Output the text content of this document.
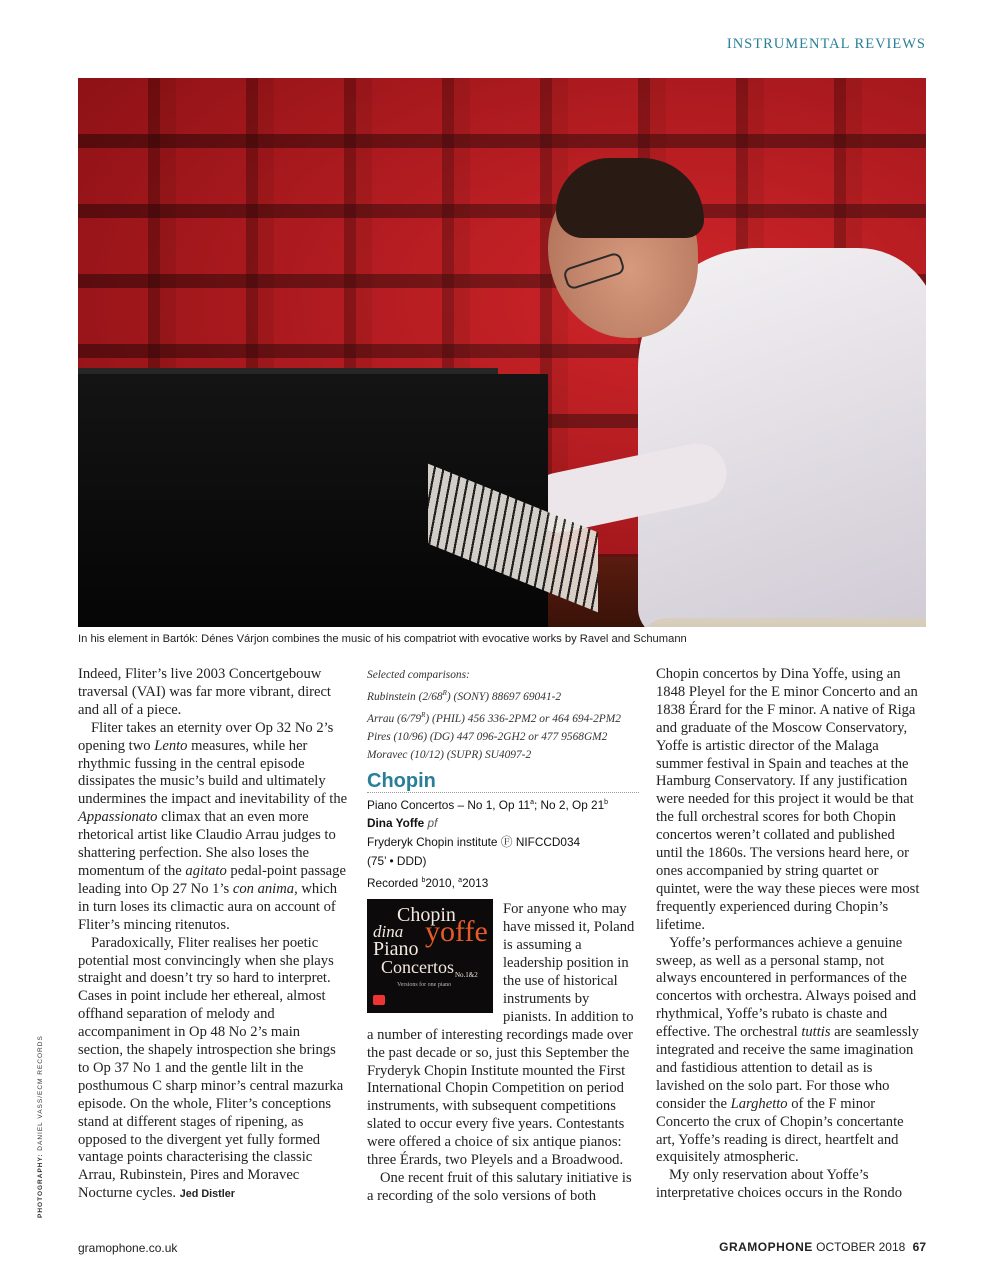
INSTRUMENTAL REVIEWS
In his element in Bartók: Dénes Várjon combines the music of his compatriot with evocative works by Ravel and Schumann

Indeed, Fliter’s live 2003 Concertgebouw traversal (VAI) was far more vibrant, direct and all of a piece.

Fliter takes an eternity over Op 32 No 2’s opening two Lento measures, while her rhythmic fussing in the central episode dissipates the music’s build and ultimately undermines the impact and inevitability of the Appassionato climax that an even more rhetorical artist like Claudio Arrau judges to shattering perfection. She also loses the momentum of the agitato pedal-point passage leading into Op 27 No 1’s con anima, which in turn loses its climactic aura on account of Fliter’s mincing ritenutos.

Paradoxically, Fliter realises her poetic potential most convincingly when she plays straight and doesn’t try so hard to interpret. Cases in point include her ethereal, almost offhand separation of melody and accompaniment in Op 48 No 2’s main section, the shapely introspection she brings to Op 37 No 1 and the gentle lilt in the posthumous C sharp minor’s central mazurka episode. On the whole, Fliter’s conceptions stand at different stages of ripening, as opposed to the divergent yet fully formed vantage points characterising the classic Arrau, Rubinstein, Pires and Moravec Nocturne cycles. Jed Distler

Selected comparisons:
Rubinstein $(2/68^R)$ (SONY) 88697 69041-2
Arrau $(6/79^R)$ (PHIL) 456 336-2PM2 or 464 694-2PM2
Pires (10/96) (DG) 447 096-2GH2 or 477 9568GM2
Moravec (10/12) (SUPR) SU4097-2
Chopin
Piano Concertos – No 1, Op 11$^a$; No 2, Op 21$^b$
Dina Yoffe pf
Fryderyk Chopin institute Ⓕ NIFCCD034
(75’ • DDD)
Recorded $^b$2010, $^a$2013
Chopin
dina yoffe
Piano
Concertos No.1&2
Versions for one piano

For anyone who may have missed it, Poland is assuming a leadership position in the use of historical instruments by pianists. In addition to a number of interesting recordings made over the past decade or so, just this September the Fryderyk Chopin Institute mounted the First International Chopin Competition on period instruments, with subsequent competitions slated to occur every five years. Contestants were offered a choice of six antique pianos: three Érards, two Pleyels and a Broadwood.

One recent fruit of this salutary initiative is a recording of the solo versions of both

Chopin concertos by Dina Yoffe, using an 1848 Pleyel for the E minor Concerto and an 1838 Érard for the F minor. A native of Riga and graduate of the Moscow Conservatory, Yoffe is artistic director of the Malaga summer festival in Spain and teaches at the Hamburg Conservatory. If any justification were needed for this project it would be that the full orchestral scores for both Chopin concertos weren’t collated and published until the 1860s. The versions heard here, or ones accompanied by string quartet or quintet, were the way these pieces were most frequently experienced during Chopin’s lifetime.

Yoffe’s performances achieve a genuine sweep, as well as a personal stamp, not always encountered in performances of the concertos with orchestra. Always poised and rhythmical, Yoffe’s rubato is chaste and effective. The orchestral tuttis are seamlessly integrated and receive the same imagination and fastidious attention to detail as is lavished on the solo part. For those who consider the Larghetto of the F minor Concerto the crux of Chopin’s concertante art, Yoffe’s reading is direct, heartfelt and exquisitely atmospheric.

My only reservation about Yoffe’s interpretative choices occurs in the Rondo

PHOTOGRAPHY: DANIEL VASS/ECM RECORDS
gramophone.co.uk	GRAMOPHONE OCTOBER 2018 67
